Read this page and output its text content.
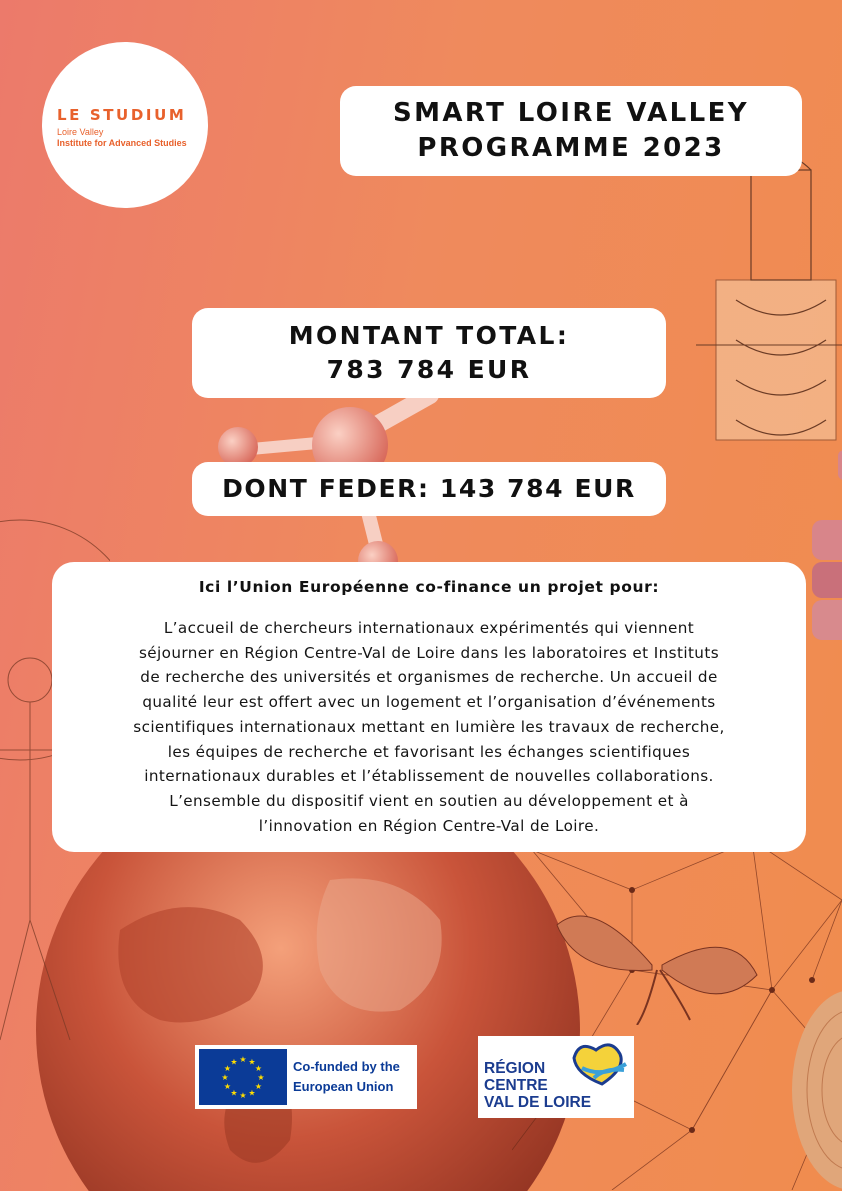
LE STUDIUM
Loire Valley
Institute for Advanced Studies
SMART LOIRE VALLEY
PROGRAMME 2023
MONTANT TOTAL:
783 784 EUR
DONT FEDER: 143 784 EUR
Ici l’Union Européenne co-finance un projet pour:
L’accueil de chercheurs internationaux expérimentés qui viennent
séjourner en Région Centre-Val de Loire dans les laboratoires et Instituts
de recherche des universités et organismes de recherche. Un accueil de
qualité leur est offert avec un logement et l’organisation d’événements
scientifiques internationaux mettant en lumière les travaux de recherche,
les équipes de recherche et favorisant les échanges scientifiques
internationaux durables et l’établissement de nouvelles collaborations.
L’ensemble du dispositif vient en soutien au développement et à
l’innovation en Région Centre-Val de Loire.
★ ★
★
★
★
★
★
★
★
★
★
★	Co-funded by the
European Union
RÉGION
CENTRE
VAL DE LOIRE
